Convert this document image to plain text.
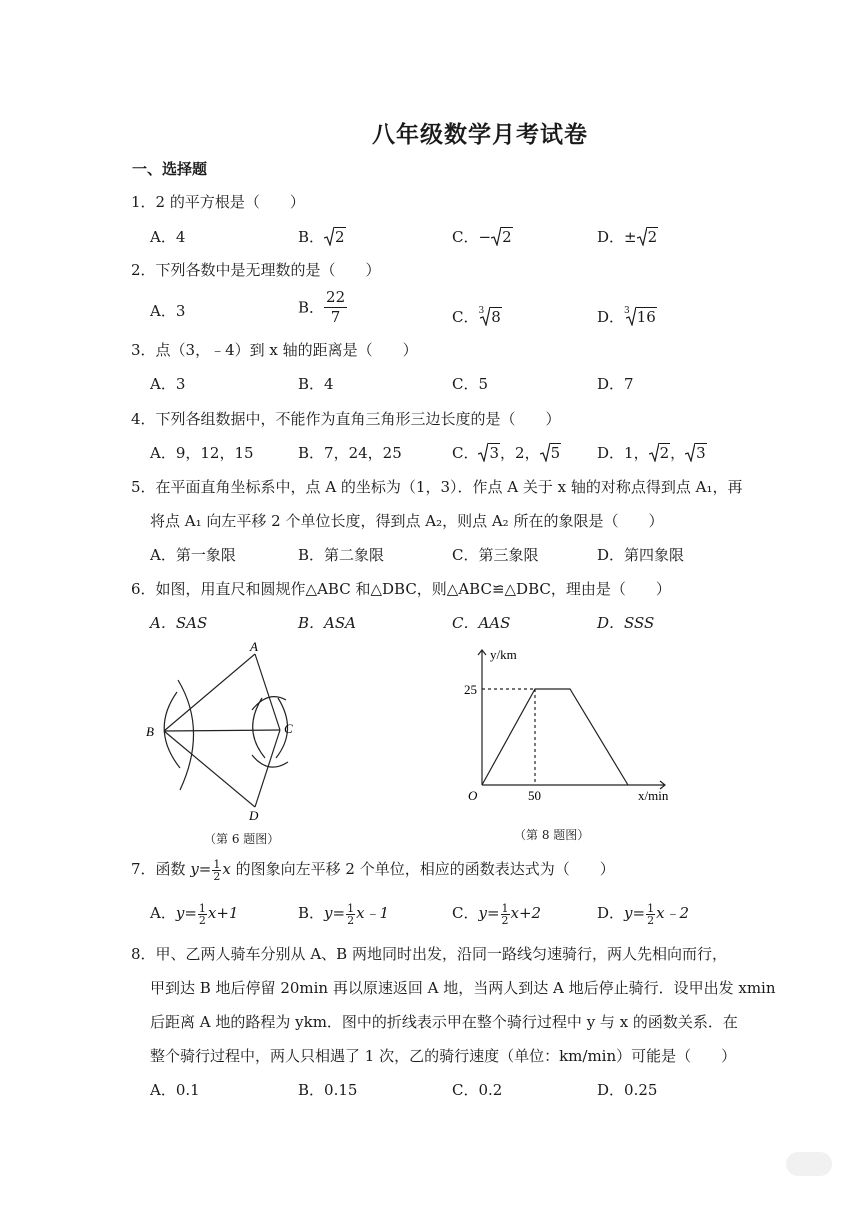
八年级数学月考试卷
一、选择题
1．2 的平方根是（　　）
A．4	B． 2	C．− 2	D．± 2
2．下列各数中是无理数的是（　　）
A．3	B． $\frac{22}{7}$	C．$^3$ 8	D．$^3$ 16
3．点（3，﹣4）到 x 轴的距离是（　　）
A．3	B．4	C．5	D．7
4．下列各组数据中，不能作为直角三角形三边长度的是（　　）
A．9，12，15	B．7，24，25	C． 3，2， 5 D．1， 2， 3
5．在平面直角坐标系中，点 A 的坐标为（1，3）．作点 A 关于 x 轴的对称点得到点 A₁，再
将点 A₁ 向左平移 2 个单位长度，得到点 A₂，则点 A₂ 所在的象限是（　　）
A．第一象限	B．第二象限	C．第三象限	D．第四象限
6．如图，用直尺和圆规作△ABC 和△DBC，则△ABC≌△DBC，理由是（　　）
A．SAS	B．ASA	C．AAS	D．SSS
A
B	C
D
（第 6 题图）
y/km
x/min
O
25
50
（第 8 题图）
7．函数 $y= \frac{1}{2}$ x 的图象向左平移 2 个单位，相应的函数表达式为（　　）
A．$y= \frac{1}{2} x+1$	B．$y= \frac{1}{2}$ x﹣1	C．$y= \frac{1}{2} x+2$	D．$y= \frac{1}{2}$ x﹣2
8．甲、乙两人骑车分别从 A、B 两地同时出发，沿同一路线匀速骑行，两人先相向而行，
甲到达 B 地后停留 20min 再以原速返回 A 地，当两人到达 A 地后停止骑行．设甲出发 xmin
后距离 A 地的路程为 ykm．图中的折线表示甲在整个骑行过程中 y 与 x 的函数关系．在
整个骑行过程中，两人只相遇了 1 次，乙的骑行速度（单位：km/min）可能是（　　）
A．0.1	B．0.15	C．0.2	D．0.25
